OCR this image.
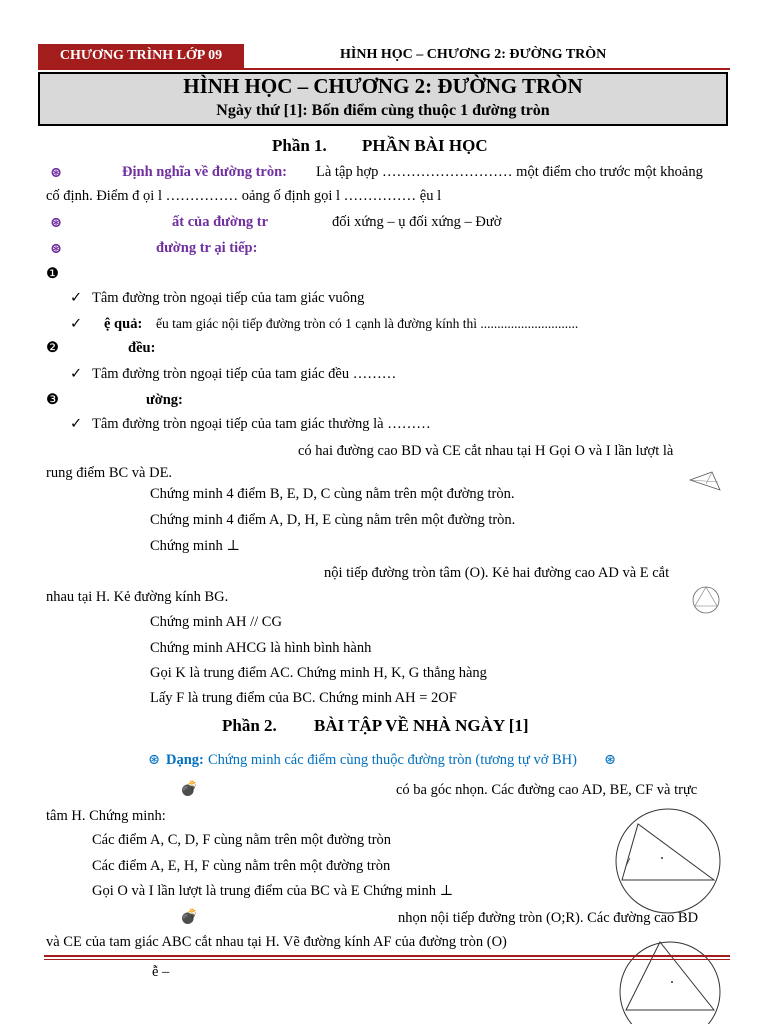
CHƯƠNG TRÌNH LỚP 09	HÌNH HỌC – CHƯƠNG 2: ĐƯỜNG TRÒN
HÌNH HỌC – CHƯƠNG 2: ĐƯỜNG TRÒN
Ngày thứ [1]: Bốn điểm cùng thuộc 1 đường tròn
Phần 1. PHẦN BÀI HỌC
⊛	Định nghĩa về đường tròn: Là tập hợp ……………………… một điểm cho trước một khoảng
cố định. Điểm đ ọi l …………… oảng ố định gọi l …………… ệu l
⊛	ất của đường tr	đối xứng – ụ đối xứng – Đườ
⊛	đường tr ại tiếp:
❶
✓ Tâm đường tròn ngoại tiếp của tam giác vuông
✓ ệ quả: ếu tam giác nội tiếp đường tròn có 1 cạnh là đường kính thì .............................
❷	đều:
✓ Tâm đường tròn ngoại tiếp của tam giác đều ………
❸	ường:
✓ Tâm đường tròn ngoại tiếp của tam giác thường là ………
có hai đường cao BD và CE cắt nhau tại H Gọi O và I lần lượt là
rung điểm BC và DE.
Chứng minh 4 điểm B, E, D, C cùng nằm trên một đường tròn.
Chứng minh 4 điểm A, D, H, E cùng nằm trên một đường tròn.
Chứng minh ⊥
nội tiếp đường tròn tâm (O). Kẻ hai đường cao AD và E cắt
nhau tại H. Kẻ đường kính BG.
Chứng minh AH // CG
Chứng minh AHCG là hình bình hành
Gọi K là trung điểm AC. Chứng minh H, K, G thẳng hàng
Lấy F là trung điểm của BC. Chứng minh AH = 2OF
Phần 2. BÀI TẬP VỀ NHÀ NGÀY [1]
⊛ Dạng: Chứng minh các điểm cùng thuộc đường tròn (tương tự vở BH) ⊛
💣	có ba góc nhọn. Các đường cao AD, BE, CF và trực
tâm H. Chứng minh:
Các điểm A, C, D, F cùng nằm trên một đường tròn
Các điểm A, E, H, F cùng nằm trên một đường tròn
Gọi O và I lần lượt là trung điểm của BC và E Chứng minh ⊥
💣	nhọn nội tiếp đường tròn (O;R). Các đường cao BD
và CE của tam giác ABC cắt nhau tại H. Vẽ đường kính AF của đường tròn (O)
ễ –
